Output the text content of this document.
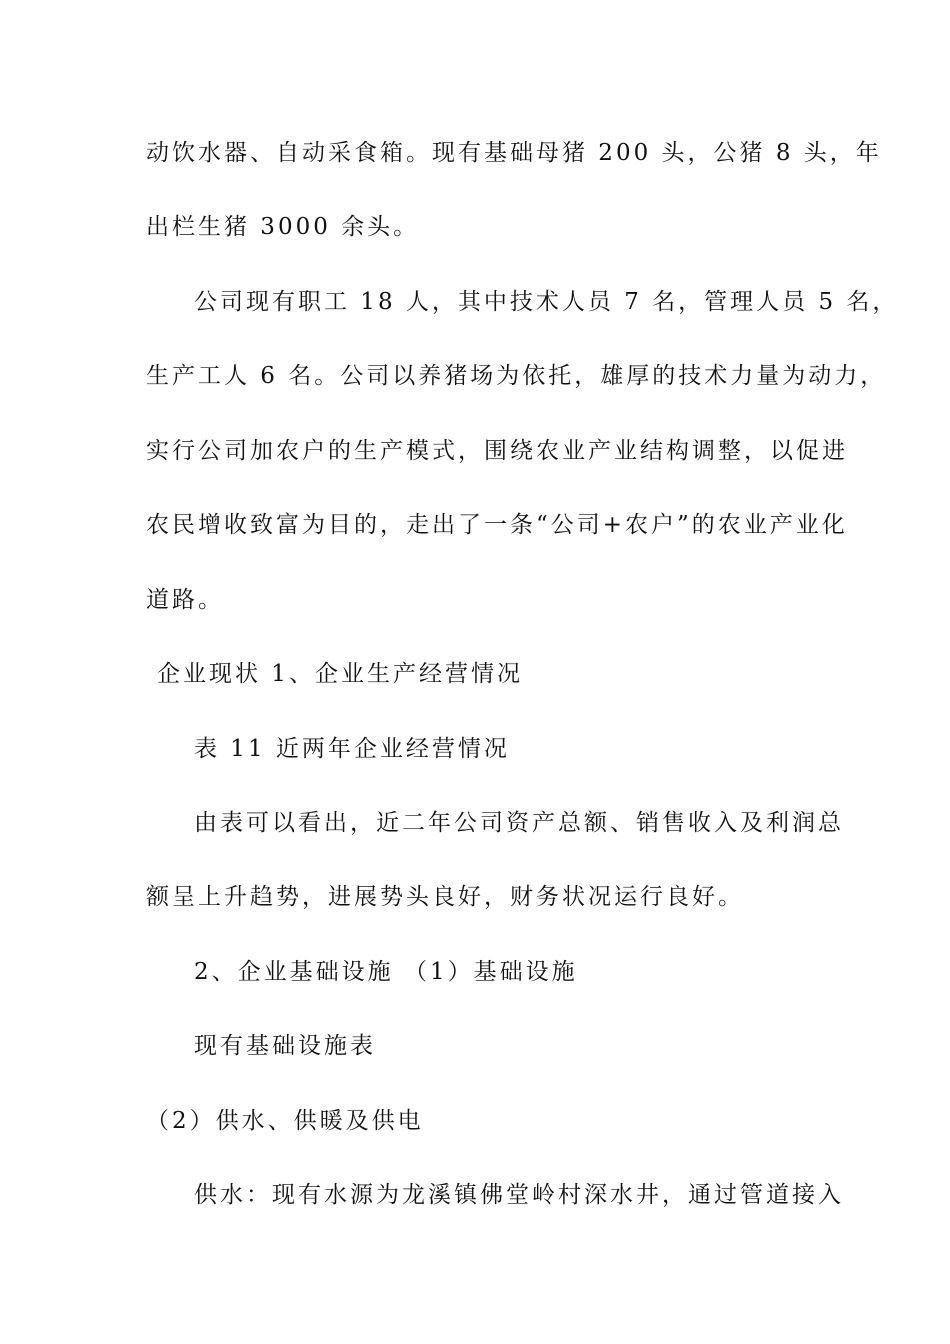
动饮水器、自动采食箱。现有基础母猪 200 头，公猪 8 头，年
出栏生猪 3000 余头。
公司现有职工 18 人，其中技术人员 7 名，管理人员 5 名，
生产工人 6 名。公司以养猪场为依托，雄厚的技术力量为动力，
实行公司加农户的生产模式，围绕农业产业结构调整，以促进
农民增收致富为目的，走出了一条“公司+农户”的农业产业化
道路。
企业现状 1、企业生产经营情况
表 11 近两年企业经营情况
由表可以看出，近二年公司资产总额、销售收入及利润总
额呈上升趋势，进展势头良好，财务状况运行良好。
2、企业基础设施 （1）基础设施
现有基础设施表
（2）供水、供暖及供电
供水：现有水源为龙溪镇佛堂岭村深水井，通过管道接入
